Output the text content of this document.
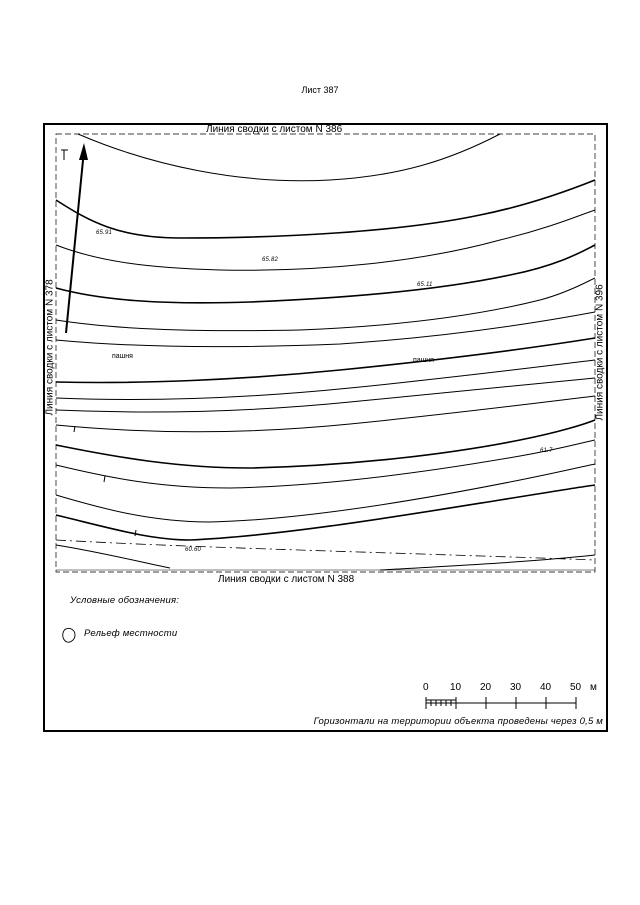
Лист 387
Линия сводки с листом N 386
Линия сводки с листом N 388
Линия сводки с листом N 378	Линия сводки с листом N 396
65.91
65.82
65.11
61.7
60.60
пашня
пашня
Условные обозначения:
Рельеф местности
0 10 20 30 40 50 м
Горизонтали на территории объекта проведены через 0,5 м
